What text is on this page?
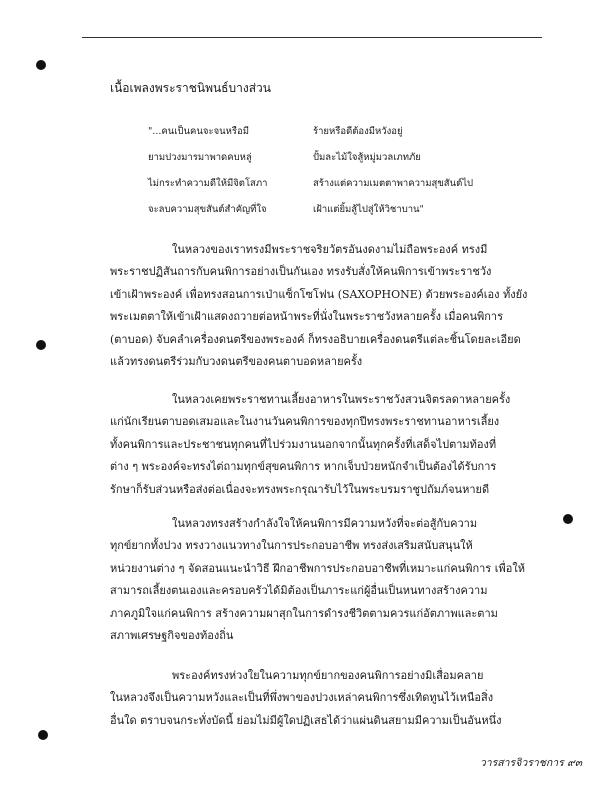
เนื้อเพลงพระราชนิพนธ์บางส่วน
"...คนเป็นคนจะจนหรือมี	ร้ายหรือดีต้องมีหวังอยู่
ยามปวงมารมาพาดคบหลู่	ปั้มละไม้ใจสู้หมู่มวลเภทภัย
ไม่กระทำความดีให้มีจิตโสภา	สร้างแต่ความเมตตาพาความสุขสันต์ไป
จะลบความสุขสันต์สำคัญที่ใจ	เฝ้าแต่ยิ้มสู้ไปสู่ให้วิชาบาน"
ในหลวงของเราทรงมีพระราชจริยวัตรอันงดงามไม่ถือพระองค์ ทรงมี
พระราชปฏิสันถารกับคนพิการอย่างเป็นกันเอง ทรงรับสั่งให้คนพิการเข้าพระราชวัง
เข้าเฝ้าพระองค์ เพื่อทรงสอนการเป่าแซ็กโซโฟน (SAXOPHONE) ด้วยพระองค์เอง ทั้งยัง
พระเมตตาให้เข้าเฝ้าแสดงถวายต่อหน้าพระที่นั่งในพระราชวังหลายครั้ง เมื่อคนพิการ
(ตาบอด) จับคลำเครื่องดนตรีของพระองค์ ก็ทรงอธิบายเครื่องดนตรีแต่ละชิ้นโดยละเอียด
แล้วทรงดนตรีร่วมกับวงดนตรีของคนตาบอดหลายครั้ง
ในหลวงเคยพระราชทานเลี้ยงอาหารในพระราชวังสวนจิตรลดาหลายครั้ง
แก่นักเรียนตาบอดเสมอและในงานวันคนพิการของทุกปีทรงพระราชทานอาหารเลี้ยง
ทั้งคนพิการและประชาชนทุกคนที่ไปร่วมงานนอกจากนั้นทุกครั้งที่เสด็จไปตามท้องที่
ต่าง ๆ พระองค์จะทรงไต่ถามทุกข์สุขคนพิการ หากเจ็บป่วยหนักจำเป็นต้องได้รับการ
รักษาก็รับส่วนหรือส่งต่อเนื่องจะทรงพระกรุณารับไว้ในพระบรมราชูปถัมภ์จนหายดี
ในหลวงทรงสร้างกำลังใจให้คนพิการมีความหวังที่จะต่อสู้กับความ
ทุกข์ยากทั้งปวง ทรงวางแนวทางในการประกอบอาชีพ ทรงส่งเสริมสนับสนุนให้
หน่วยงานต่าง ๆ จัดสอนแนะนำวิธี ฝึกอาชีพการประกอบอาชีพที่เหมาะแก่คนพิการ เพื่อให้
สามารถเลี้ยงตนเองและครอบครัวได้มิต้องเป็นภาระแก่ผู้อื่นเป็นหนทางสร้างความ
ภาคภูมิใจแก่คนพิการ สร้างความผาสุกในการดำรงชีวิตตามควรแก่อัตภาพและตาม
สภาพเศรษฐกิจของท้องถิ่น
พระองค์ทรงห่วงใยในความทุกข์ยากของคนพิการอย่างมิเสื่อมคลาย
ในหลวงจึงเป็นความหวังและเป็นที่พึ่งพาของปวงเหล่าคนพิการซึ่งเทิดทูนไว้เหนือสิ่ง
อื่นใด ตราบจนกระทั่งบัดนี้ ย่อมไม่มีผู้ใดปฏิเสธได้ว่าแผ่นดินสยามมีความเป็นอันหนึ่ง
วารสารจิวราชการ ๙๓
